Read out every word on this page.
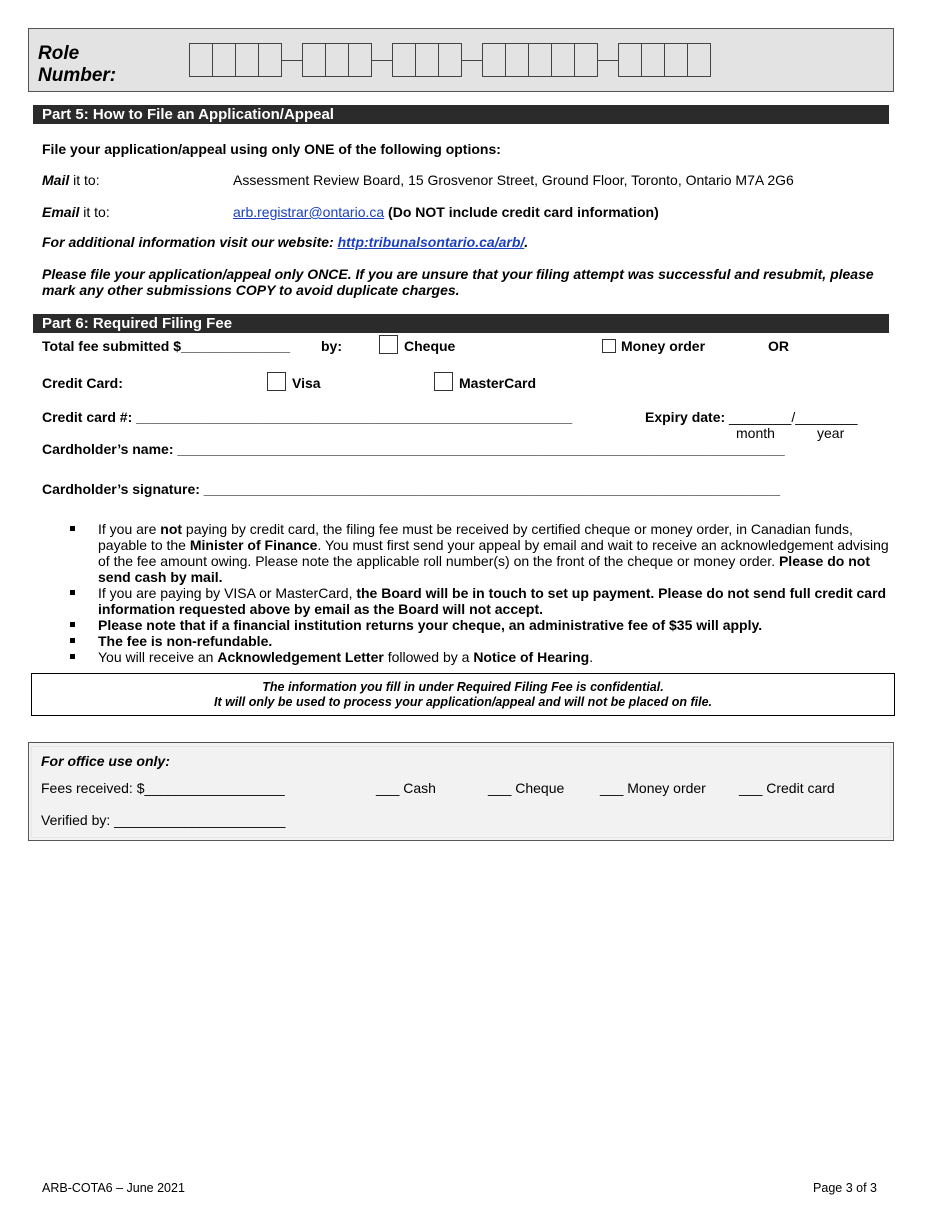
Role Number:
Part 5: How to File an Application/Appeal
File your application/appeal using only ONE of the following options:
Mail it to:	Assessment Review Board, 15 Grosvenor Street, Ground Floor, Toronto, Ontario M7A 2G6
Email it to:	arb.registrar@ontario.ca (Do NOT include credit card information)
For additional information visit our website: http:tribunalsontario.ca/arb/.
Please file your application/appeal only ONCE. If you are unsure that your filing attempt was successful and resubmit, please mark any other submissions COPY to avoid duplicate charges.
Part 6: Required Filing Fee
Total fee submitted $______________ by:	Cheque	Money order	OR
Credit Card:	Visa	MasterCard
Credit card #: ________________________________________________________	Expiry date: ________/________
month	year
Cardholder’s name: ______________________________________________________________________________
Cardholder’s signature: __________________________________________________________________________

If you are not paying by credit card, the filing fee must be received by certified cheque or money order, in Canadian funds, payable to the Minister of Finance. You must first send your appeal by email and wait to receive an acknowledgement advising of the fee amount owing. Please note the applicable roll number(s) on the front of the cheque or money order. Please do not send cash by mail.

If you are paying by VISA or MasterCard, the Board will be in touch to set up payment. Please do not send full credit card information requested above by email as the Board will not accept.

Please note that if a financial institution returns your cheque, an administrative fee of $35 will apply.

The fee is non-refundable.

You will receive an Acknowledgement Letter followed by a Notice of Hearing.

The information you fill in under Required Filing Fee is confidential.
It will only be used to process your application/appeal and will not be placed on file.
For office use only:
Fees received: $__________________	___ Cash	___ Cheque	___ Money order ___ Credit card
Verified by: ______________________
ARB-COTA6 – June 2021	Page 3 of 3
